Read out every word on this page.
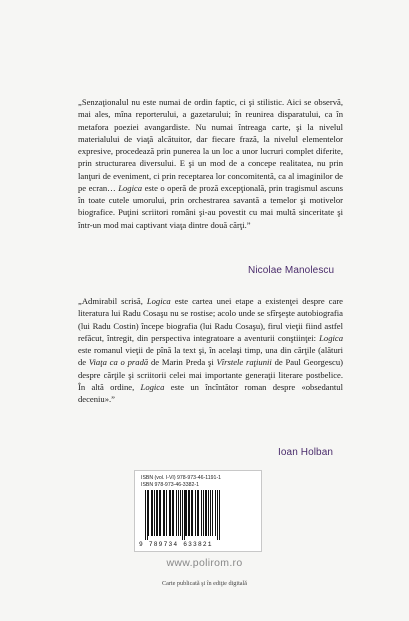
„Senzaţionalul nu este numai de ordin faptic, ci şi stilistic. Aici se observă, mai ales, mîna reporterului, a gazetarului; în reunirea disparatului, ca în metafora poeziei avangardiste. Nu numai întreaga carte, şi la nivelul materialului de viaţă alcătuitor, dar fiecare frază, la nivelul elementelor expresive, procedează prin punerea la un loc a unor lucruri complet diferite, prin structurarea diversului. E şi un mod de a concepe realitatea, nu prin lanţuri de eveniment, ci prin receptarea lor concomitentă, ca al imaginilor de pe ecran… Logica este o operă de proză excepţională, prin tragismul ascuns în toate cutele umorului, prin orchestrarea savantă a temelor şi motivelor biografice. Puţini scriitori români şi-au povestit cu mai multă sinceritate şi într-un mod mai captivant viaţa dintre două cărţi.”

Nicolae Manolescu

„Admirabil scrisă, Logica este cartea unei etape a existenţei despre care literatura lui Radu Cosaşu nu se rostise; acolo unde se sfîrşeşte autobiografia (lui Radu Costin) începe biografia (lui Radu Cosaşu), firul vieţii fiind astfel refăcut, întregit, din perspectiva integratoare a aventurii conştiinţei: Logica este romanul vieţii de pînă la text şi, în acelaşi timp, una din cărţile (alături de Viaţa ca o pradă de Marin Preda şi Vîrstele raţiunii de Paul Georgescu) despre cărţile şi scriitorii celei mai importante generaţii literare postbelice. În altă ordine, Logica este un încîntător roman despre «obsedantul deceniu».”

Ioan Holban
ISBN (vol. I-VI) 978-973-46-1191-1
ISBN 978-973-46-3382-1
9 789734 633821
www.polirom.ro
Carte publicată şi în ediţie digitală
